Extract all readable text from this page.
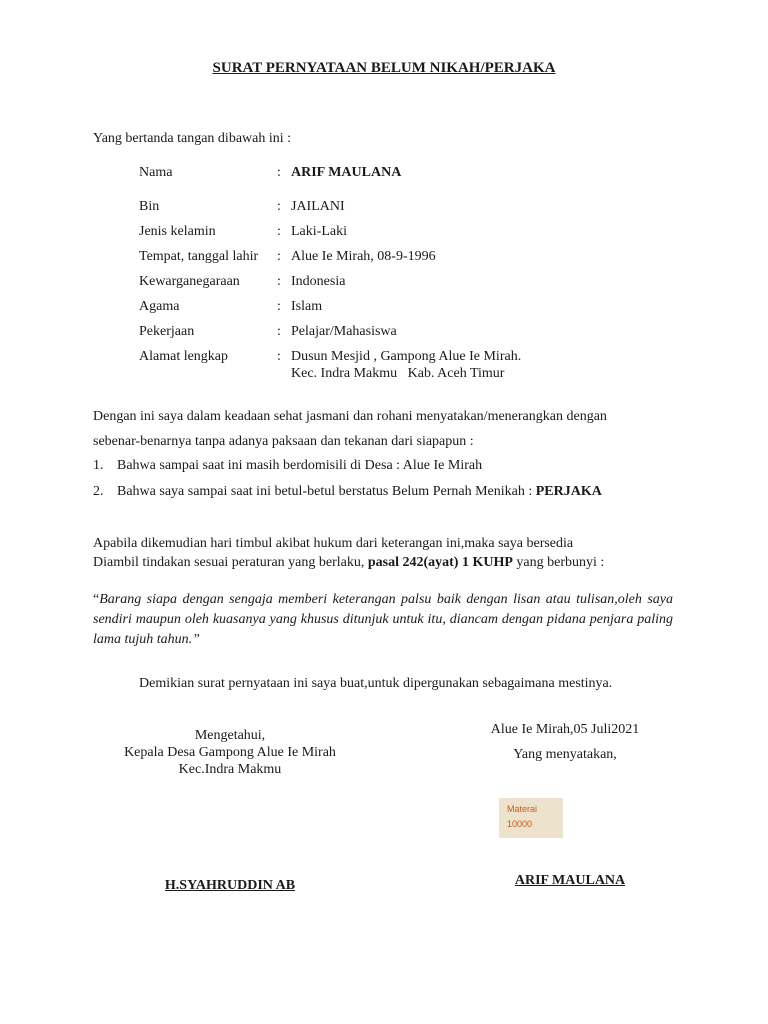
SURAT PERNYATAAN BELUM NIKAH/PERJAKA
Yang bertanda tangan dibawah ini :
Nama	: ARIF MAULANA
Bin	: JAILANI
Jenis kelamin	: Laki-Laki
Tempat, tanggal lahir : Alue Ie Mirah, 08-9-1996
Kewarganegaraan	: Indonesia
Agama	: Islam
Pekerjaan	: Pelajar/Mahasiswa
Alamat lengkap	: Dusun Mesjid , Gampong Alue Ie Mirah.
Kec. Indra Makmu   Kab. Aceh Timur
Dengan ini saya dalam keadaan sehat jasmani dan rohani menyatakan/menerangkan dengan
sebenar-benarnya tanpa adanya paksaan dan tekanan dari siapapun :
1. Bahwa sampai saat ini masih berdomisili di Desa : Alue Ie Mirah
2. Bahwa saya sampai saat ini betul-betul berstatus Belum Pernah Menikah : PERJAKA
Apabila dikemudian hari timbul akibat hukum dari keterangan ini,maka saya bersedia
Diambil tindakan sesuai peraturan yang berlaku, pasal 242(ayat) 1 KUHP yang berbunyi :
“Barang siapa dengan sengaja memberi keterangan palsu baik dengan lisan atau tulisan,oleh saya sendiri maupun oleh kuasanya yang khusus ditunjuk untuk itu, diancam dengan pidana penjara paling lama tujuh tahun.”
Demikian surat pernyataan ini saya buat,untuk dipergunakan sebagaimana mestinya.
Mengetahui,
Kepala Desa Gampong Alue Ie Mirah
Kec.Indra Makmu
Alue Ie Mirah,05 Juli2021
Yang menyatakan,
Materai
10000
H.SYAHRUDDIN AB	ARIF MAULANA
